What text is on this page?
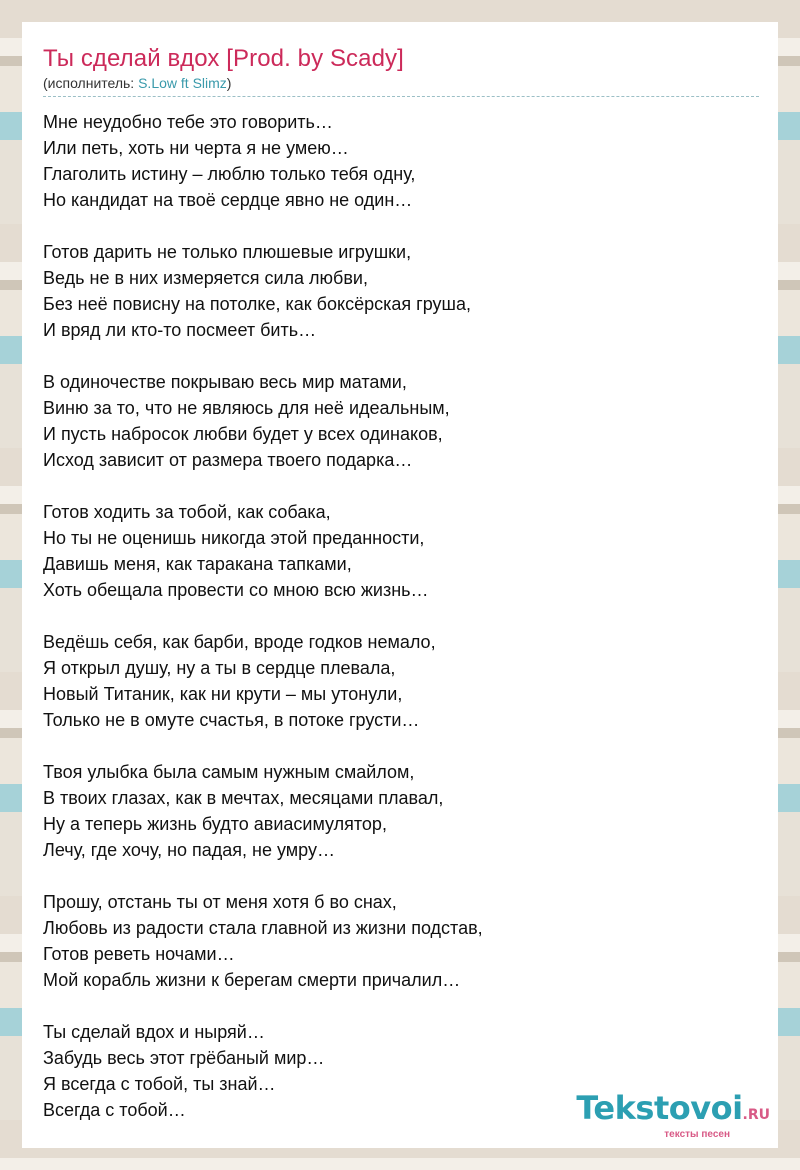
Ты сделай вдох [Prod. by Scady]
(исполнитель: S.Low ft Slimz)
Мне неудобно тебе это говорить…
Или петь, хоть ни черта я не умею…
Глаголить истину – люблю только тебя одну,
Но кандидат на твоё сердце явно не один…
Готов дарить не только плюшевые игрушки,
Ведь не в них измеряется сила любви,
Без неё повисну на потолке, как боксёрская груша,
И вряд ли кто-то посмеет бить…
В одиночестве покрываю весь мир матами,
Виню за то, что не являюсь для неё идеальным,
И пусть набросок любви будет у всех одинаков,
Исход зависит от размера твоего подарка…
Готов ходить за тобой, как собака,
Но ты не оценишь никогда этой преданности,
Давишь меня, как таракана тапками,
Хоть обещала провести со мною всю жизнь…
Ведёшь себя, как барби, вроде годков немало,
Я открыл душу, ну а ты в сердце плевала,
Новый Титаник, как ни крути – мы утонули,
Только не в омуте счастья, в потоке грусти…
Твоя улыбка была самым нужным смайлом,
В твоих глазах, как в мечтах, месяцами плавал,
Ну а теперь жизнь будто авиасимулятор,
Лечу, где хочу, но падая, не умру…
Прошу, отстань ты от меня хотя б во снах,
Любовь из радости стала главной из жизни подстав,
Готов реветь ночами…
Мой корабль жизни к берегам смерти причалил…
Ты сделай вдох и ныряй…
Забудь весь этот грёбаный мир…
Я всегда с тобой, ты знай…
Всегда с тобой…	Tekstovoi.RU
тексты песен
